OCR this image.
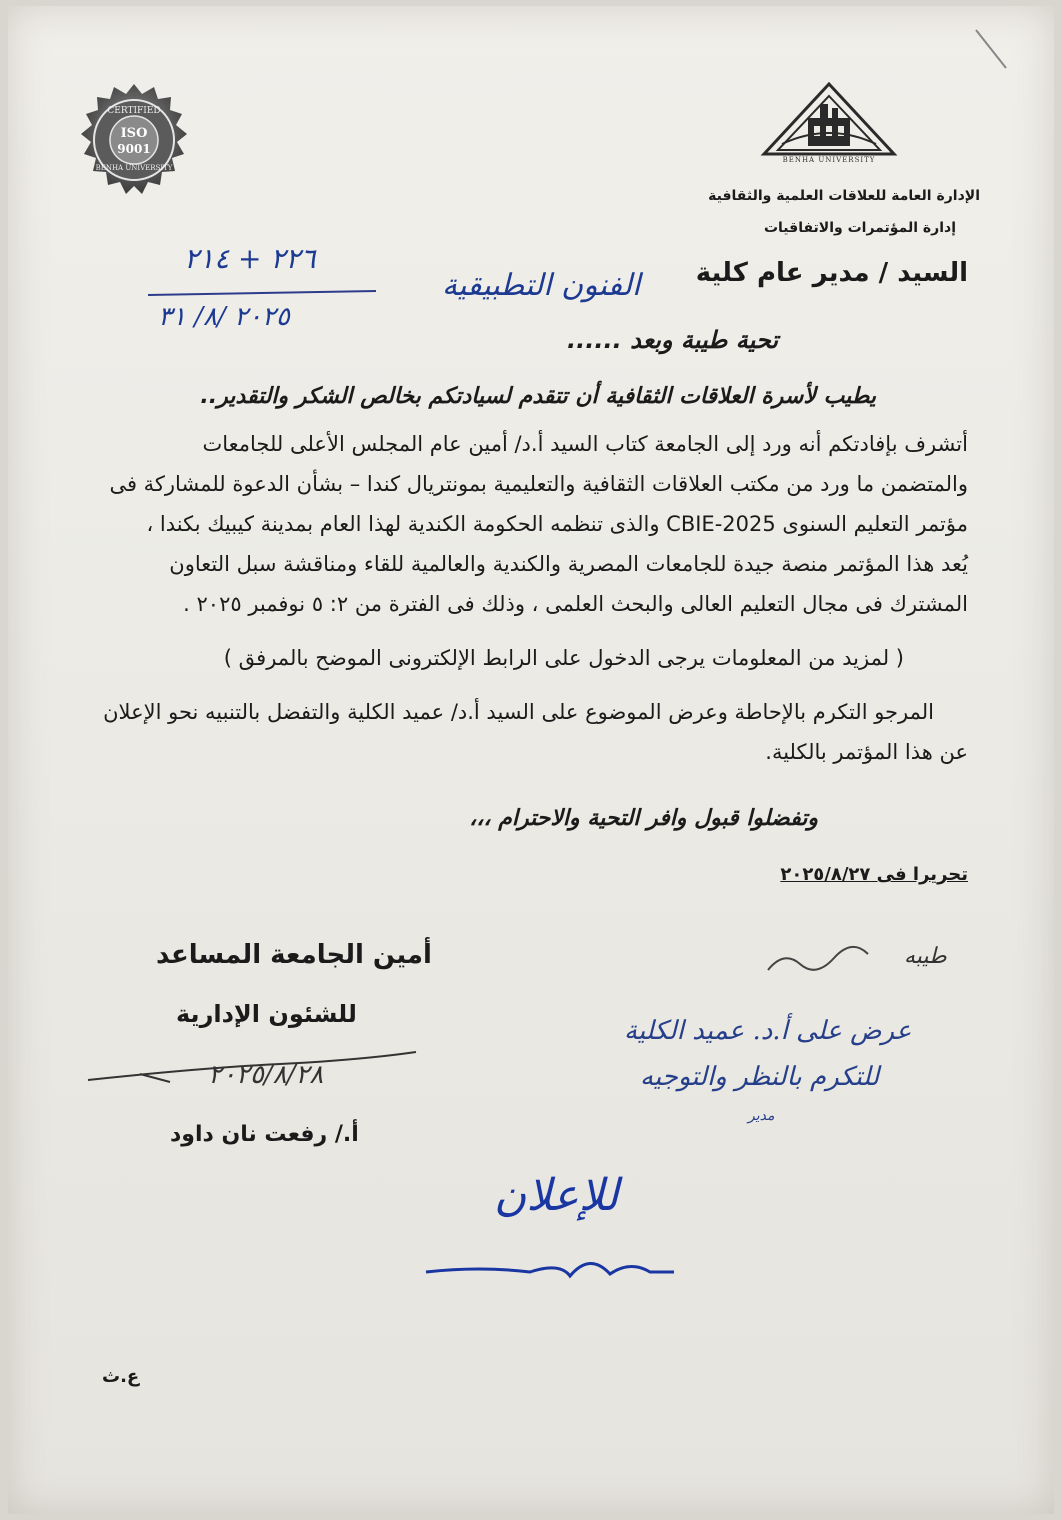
CERTIFIED
ISO
9001
BENHA UNIVERSITY
BENHA UNIVERSITY
الإدارة العامة للعلاقات العلمية والثقافية
إدارة المؤتمرات والاتفاقيات
٢٢٦ + ٢١٤
٢٠٢٥ /٨/ ٣١
السيد / مدير عام كلية
الفنون التطبيقية
تحية طيبة وبعد ......
يطيب لأسرة العلاقات الثقافية أن تتقدم لسيادتكم بخالص الشكر والتقدير..
أتشرف بإفادتكم أنه ورد إلى الجامعة كتاب السيد أ.د/ أمين عام المجلس الأعلى للجامعات
والمتضمن ما ورد من مكتب العلاقات الثقافية والتعليمية بمونتريال كندا – بشأن الدعوة للمشاركة فى
مؤتمر التعليم السنوى CBIE-2025 والذى تنظمه الحكومة الكندية لهذا العام بمدينة كيبيك بكندا ،
يُعد هذا المؤتمر منصة جيدة للجامعات المصرية والكندية والعالمية للقاء ومناقشة سبل التعاون
المشترك فى مجال التعليم العالى والبحث العلمى ، وذلك فى الفترة من ٢: ٥ نوفمبر ٢٠٢٥ .
( لمزيد من المعلومات يرجى الدخول على الرابط الإلكترونى الموضح بالمرفق )
المرجو التكرم بالإحاطة وعرض الموضوع على السيد أ.د/ عميد الكلية والتفضل بالتنبيه نحو الإعلان
عن هذا المؤتمر بالكلية.
وتفضلوا قبول وافر التحية والاحترام ،،،
تحريرا فى ٢٠٢٥/٨/٢٧
أمين الجامعة المساعد
للشئون الإدارية
٢٠٢٥/٨/٢٨
أ./ رفعت نان داود
طيبه
عرض على أ.د. عميد الكلية
للتكرم بالنظر والتوجيه
مدير
للإعلان
ع.ث
